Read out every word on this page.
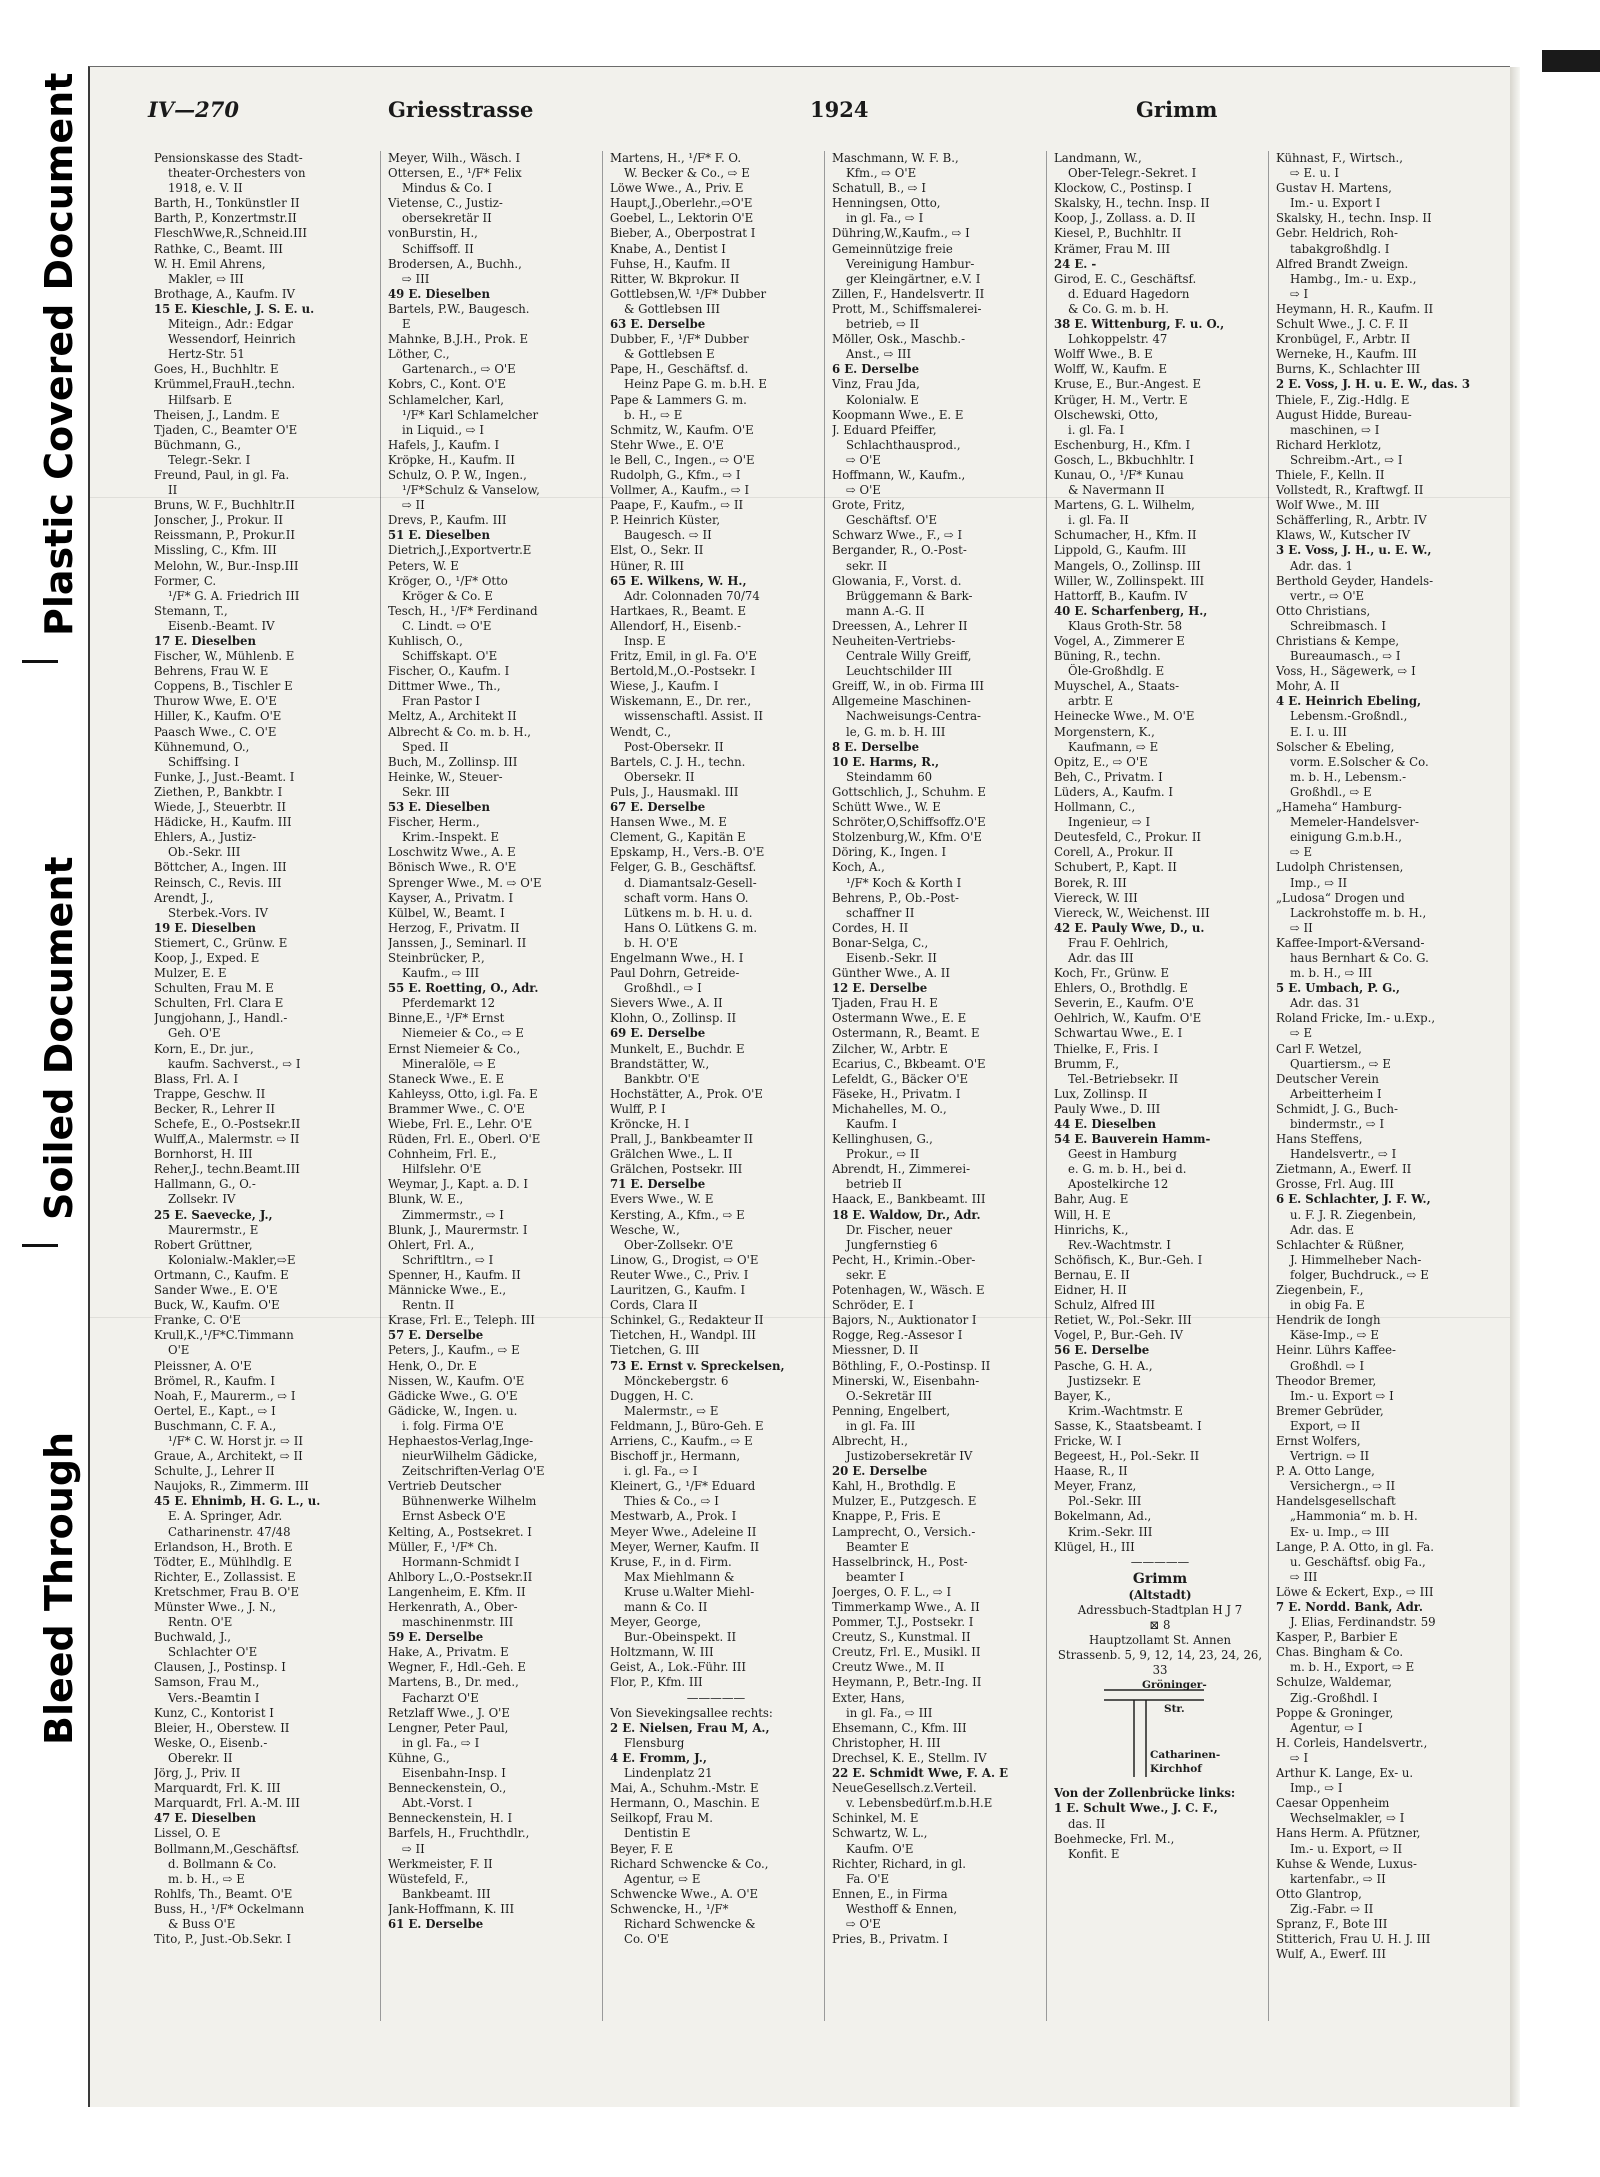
Plastic Covered Document
Soiled Document
Bleed Through
IV—270	Griesstrasse	1924	Grimm
Pensionskasse des Stadt-
theater-Orchesters von
1918, e. V. II
Barth, H., Tonkünstler II
Barth, P., Konzertmstr.II
FleschWwe,R.,Schneid.III
Rathke, C., Beamt. III
W. H. Emil Ahrens,
Makler, ⇨ III
Brothage, A., Kaufm. IV
15 E. Kieschle, J. S. E. u.
Miteign., Adr.: Edgar
Wessendorf, Heinrich
Hertz-Str. 51
Goes, H., Buchhltr. E
Krümmel,FrauH.,techn.
Hilfsarb. E
Theisen, J., Landm. E
Tjaden, C., Beamter O'E
Büchmann, G.,
Telegr.-Sekr. I
Freund, Paul, in gl. Fa.
II
Bruns, W. F., Buchhltr.II
Jonscher, J., Prokur. II
Reissmann, P., Prokur.II
Missling, C., Kfm. III
Melohn, W., Bur.-Insp.III
Former, C.
¹/F* G. A. Friedrich III
Stemann, T.,
Eisenb.-Beamt. IV
17 E. Dieselben
Fischer, W., Mühlenb. E
Behrens, Frau W. E
Coppens, B., Tischler E
Thurow Wwe, E. O'E
Hiller, K., Kaufm. O'E
Paasch Wwe., C. O'E
Kühnemund, O.,
Schiffsing. I
Funke, J., Just.-Beamt. I
Ziethen, P., Bankbtr. I
Wiede, J., Steuerbtr. II
Hädicke, H., Kaufm. III
Ehlers, A., Justiz-
Ob.-Sekr. III
Böttcher, A., Ingen. III
Reinsch, C., Revis. III
Arendt, J.,
Sterbek.-Vors. IV
19 E. Dieselben
Stiemert, C., Grünw. E
Koop, J., Exped. E
Mulzer, E. E
Schulten, Frau M. E
Schulten, Frl. Clara E
Jungjohann, J., Handl.-
Geh. O'E
Korn, E., Dr. jur.,
kaufm. Sachverst., ⇨ I
Blass, Frl. A. I
Trappe, Geschw. II
Becker, R., Lehrer II
Schefe, E., O.-Postsekr.II
Wulff,A., Malermstr. ⇨ II
Bornhorst, H. III
Reher,J., techn.Beamt.III
Hallmann, G., O.-
Zollsekr. IV
25 E. Saevecke, J.,
Maurermstr., E
Robert Grüttner,
Kolonialw.-Makler,⇨E
Ortmann, C., Kaufm. E
Sander Wwe., E. O'E
Buck, W., Kaufm. O'E
Franke, C. O'E
Krull,K.,¹/F*C.Timmann
O'E
Pleissner, A. O'E
Brömel, R., Kaufm. I
Noah, F., Maurerm., ⇨ I
Oertel, E., Kapt., ⇨ I
Buschmann, C. F. A.,
¹/F* C. W. Horst jr. ⇨ II
Graue, A., Architekt, ⇨ II
Schulte, J., Lehrer II
Naujoks, R., Zimmerm. III
45 E. Ehnimb, H. G. L., u.
E. A. Springer, Adr.
Catharinenstr. 47/48
Erlandson, H., Broth. E
Tödter, E., Mühlhdlg. E
Richter, E., Zollassist. E
Kretschmer, Frau B. O'E
Münster Wwe., J. N.,
Rentn. O'E
Buchwald, J.,
Schlachter O'E
Clausen, J., Postinsp. I
Samson, Frau M.,
Vers.-Beamtin I
Kunz, C., Kontorist I
Bleier, H., Oberstew. II
Weske, O., Eisenb.-
Oberekr. II
Jörg, J., Priv. II
Marquardt, Frl. K. III
Marquardt, Frl. A.-M. III
47 E. Dieselben
Lissel, O. E
Bollmann,M.,Geschäftsf.
d. Bollmann & Co.
m. b. H., ⇨ E
Rohlfs, Th., Beamt. O'E
Buss, H., ¹/F* Ockelmann
& Buss O'E
Tito, P., Just.-Ob.Sekr. I
Meyer, Wilh., Wäsch. I
Ottersen, E., ¹/F* Felix
Mindus & Co. I
Vietense, C., Justiz-
obersekretär II
vonBurstin, H.,
Schiffsoff. II
Brodersen, A., Buchh.,
⇨ III
49 E. Dieselben
Bartels, P.W., Baugesch.
E
Mahnke, B.J.H., Prok. E
Löther, C.,
Gartenarch., ⇨ O'E
Kobrs, C., Kont. O'E
Schlamelcher, Karl,
¹/F* Karl Schlamelcher
in Liquid., ⇨ I
Hafels, J., Kaufm. I
Kröpke, H., Kaufm. II
Schulz, O. P. W., Ingen.,
¹/F*Schulz & Vanselow,
⇨ II
Drevs, P., Kaufm. III
51 E. Dieselben
Dietrich,J.,Exportvertr.E
Peters, W. E
Kröger, O., ¹/F* Otto
Kröger & Co. E
Tesch, H., ¹/F* Ferdinand
C. Lindt. ⇨ O'E
Kuhlisch, O.,
Schiffskapt. O'E
Fischer, O., Kaufm. I
Dittmer Wwe., Th.,
Fran Pastor I
Meltz, A., Architekt II
Albrecht & Co. m. b. H.,
Sped. II
Buch, M., Zollinsp. III
Heinke, W., Steuer-
Sekr. III
53 E. Dieselben
Fischer, Herm.,
Krim.-Inspekt. E
Loschwitz Wwe., A. E
Bönisch Wwe., R. O'E
Sprenger Wwe., M. ⇨ O'E
Kayser, A., Privatm. I
Külbel, W., Beamt. I
Herzog, F., Privatm. II
Janssen, J., Seminarl. II
Steinbrücker, P.,
Kaufm., ⇨ III
55 E. Roetting, O., Adr.
Pferdemarkt 12
Binne,E., ¹/F* Ernst
Niemeier & Co., ⇨ E
Ernst Niemeier & Co.,
Mineralöle, ⇨ E
Staneck Wwe., E. E
Kahleyss, Otto, i.gl. Fa. E
Brammer Wwe., C. O'E
Wiebe, Frl. E., Lehr. O'E
Rüden, Frl. E., Oberl. O'E
Cohnheim, Frl. E.,
Hilfslehr. O'E
Weymar, J., Kapt. a. D. I
Blunk, W. E.,
Zimmermstr., ⇨ I
Blunk, J., Maurermstr. I
Ohlert, Frl. A.,
Schriftltrn., ⇨ I
Spenner, H., Kaufm. II
Männicke Wwe., E.,
Rentn. II
Krase, Frl. E., Teleph. III
57 E. Derselbe
Peters, J., Kaufm., ⇨ E
Henk, O., Dr. E
Nissen, W., Kaufm. O'E
Gädicke Wwe., G. O'E
Gädicke, W., Ingen. u.
i. folg. Firma O'E
Hephaestos-Verlag,Inge-
nieurWilhelm Gädicke,
Zeitschriften-Verlag O'E
Vertrieb Deutscher
Bühnenwerke Wilhelm
Ernst Asbeck O'E
Kelting, A., Postsekret. I
Müller, F., ¹/F* Ch.
Hormann-Schmidt I
Ahlbory L.,O.-Postsekr.II
Langenheim, E. Kfm. II
Herkenrath, A., Ober-
maschinenmstr. III
59 E. Derselbe
Hake, A., Privatm. E
Wegner, F., Hdl.-Geh. E
Martens, B., Dr. med.,
Facharzt O'E
Retzlaff Wwe., J. O'E
Lengner, Peter Paul,
in gl. Fa., ⇨ I
Kühne, G.,
Eisenbahn-Insp. I
Benneckenstein, O.,
Abt.-Vorst. I
Benneckenstein, H. I
Barfels, H., Fruchthdlr.,
⇨ II
Werkmeister, F. II
Wüstefeld, F.,
Bankbeamt. III
Jank-Hoffmann, K. III
61 E. Derselbe
Martens, H., ¹/F* F. O.
W. Becker & Co., ⇨ E
Löwe Wwe., A., Priv. E
Haupt,J.,Oberlehr.,⇨O'E
Goebel, L., Lektorin O'E
Bieber, A., Oberpostrat I
Knabe, A., Dentist I
Fuhse, H., Kaufm. II
Ritter, W. Bkprokur. II
Gottlebsen,W. ¹/F* Dubber
& Gottlebsen III
63 E. Derselbe
Dubber, F., ¹/F* Dubber
& Gottlebsen E
Pape, H., Geschäftsf. d.
Heinz Pape G. m. b.H. E
Pape & Lammers G. m.
b. H., ⇨ E
Schmitz, W., Kaufm. O'E
Stehr Wwe., E. O'E
le Bell, C., Ingen., ⇨ O'E
Rudolph, G., Kfm., ⇨ I
Vollmer, A., Kaufm., ⇨ I
Paape, F., Kaufm., ⇨ II
P. Heinrich Küster,
Baugesch. ⇨ II
Elst, O., Sekr. II
Hüner, R. III
65 E. Wilkens, W. H.,
Adr. Colonnaden 70/74
Hartkaes, R., Beamt. E
Allendorf, H., Eisenb.-
Insp. E
Fritz, Emil, in gl. Fa. O'E
Bertold,M.,O.-Postsekr. I
Wiese, J., Kaufm. I
Wiskemann, E., Dr. rer.,
wissenschaftl. Assist. II
Wendt, C.,
Post-Obersekr. II
Bartels, C. J. H., techn.
Obersekr. II
Puls, J., Hausmakl. III
67 E. Derselbe
Hansen Wwe., M. E
Clement, G., Kapitän E
Epskamp, H., Vers.-B. O'E
Felger, G. B., Geschäftsf.
d. Diamantsalz-Gesell-
schaft vorm. Hans O.
Lütkens m. b. H. u. d.
Hans O. Lütkens G. m.
b. H. O'E
Engelmann Wwe., H. I
Paul Dohrn, Getreide-
Großhdl., ⇨ I
Sievers Wwe., A. II
Klohn, O., Zollinsp. II
69 E. Derselbe
Munkelt, E., Buchdr. E
Brandstätter, W.,
Bankbtr. O'E
Hochstätter, A., Prok. O'E
Wulff, P. I
Kröncke, H. I
Prall, J., Bankbeamter II
Grälchen Wwe., L. II
Grälchen, Postsekr. III
71 E. Derselbe
Evers Wwe., W. E
Kersting, A., Kfm., ⇨ E
Wesche, W.,
Ober-Zollsekr. O'E
Linow, G., Drogist, ⇨ O'E
Reuter Wwe., C., Priv. I
Lauritzen, G., Kaufm. I
Cords, Clara II
Schinkel, G., Redakteur II
Tietchen, H., Wandpl. III
Tietchen, G. III
73 E. Ernst v. Spreckelsen,
Mönckebergstr. 6
Duggen, H. C.
Malermstr., ⇨ E
Feldmann, J., Büro-Geh. E
Arriens, C., Kaufm., ⇨ E
Bischoff jr., Hermann,
i. gl. Fa., ⇨ I
Kleinert, G., ¹/F* Eduard
Thies & Co., ⇨ I
Mestwarb, A., Prok. I
Meyer Wwe., Adeleine II
Meyer, Werner, Kaufm. II
Kruse, F., in d. Firm.
Max Miehlmann &
Kruse u.Walter Miehl-
mann & Co. II
Meyer, George,
Bur.-Obeinspekt. II
Holtzmann, W. III
Geist, A., Lok.-Führ. III
Flor, P., Kfm. III
—————
Von Sievekingsallee rechts:
2 E. Nielsen, Frau M, A.,
Flensburg
4 E. Fromm, J.,
Lindenplatz 21
Mai, A., Schuhm.-Mstr. E
Hermann, O., Maschin. E
Seilkopf, Frau M.
Dentistin E
Beyer, F. E
Richard Schwencke & Co.,
Agentur, ⇨ E
Schwencke Wwe., A. O'E
Schwencke, H., ¹/F*
Richard Schwencke &
Co. O'E
Maschmann, W. F. B.,
Kfm., ⇨ O'E
Schatull, B., ⇨ I
Henningsen, Otto,
in gl. Fa., ⇨ I
Dühring,W.,Kaufm., ⇨ I
Gemeinnützige freie
Vereinigung Hambur-
ger Kleingärtner, e.V. I
Zillen, F., Handelsvertr. II
Prott, M., Schiffsmalerei-
betrieb, ⇨ II
Möller, Osk., Maschb.-
Anst., ⇨ III
6 E. Derselbe
Vinz, Frau Jda,
Kolonialw. E
Koopmann Wwe., E. E
J. Eduard Pfeiffer,
Schlachthausprod.,
⇨ O'E
Hoffmann, W., Kaufm.,
⇨ O'E
Grote, Fritz,
Geschäftsf. O'E
Schwarz Wwe., F., ⇨ I
Bergander, R., O.-Post-
sekr. II
Glowania, F., Vorst. d.
Brüggemann & Bark-
mann A.-G. II
Dreessen, A., Lehrer II
Neuheiten-Vertriebs-
Centrale Willy Greiff,
Leuchtschilder III
Greiff, W., in ob. Firma III
Allgemeine Maschinen-
Nachweisungs-Centra-
le, G. m. b. H. III
8 E. Derselbe
10 E. Harms, R.,
Steindamm 60
Gottschlich, J., Schuhm. E
Schütt Wwe., W. E
Schröter,O,Schiffsoffz.O'E
Stolzenburg,W., Kfm. O'E
Döring, K., Ingen. I
Koch, A.,
¹/F* Koch & Korth I
Behrens, P., Ob.-Post-
schaffner II
Cordes, H. II
Bonar-Selga, C.,
Eisenb.-Sekr. II
Günther Wwe., A. II
12 E. Derselbe
Tjaden, Frau H. E
Ostermann Wwe., E. E
Ostermann, R., Beamt. E
Zilcher, W., Arbtr. E
Ecarius, C., Bkbeamt. O'E
Lefeldt, G., Bäcker O'E
Fäseke, H., Privatm. I
Michahelles, M. O.,
Kaufm. I
Kellinghusen, G.,
Prokur., ⇨ II
Abrendt, H., Zimmerei-
betrieb II
Haack, E., Bankbeamt. III
18 E. Waldow, Dr., Adr.
Dr. Fischer, neuer
Jungfernstieg 6
Pecht, H., Krimin.-Ober-
sekr. E
Potenhagen, W., Wäsch. E
Schröder, E. I
Bajors, N., Auktionator I
Rogge, Reg.-Assesor I
Miessner, D. II
Böthling, F., O.-Postinsp. II
Minerski, W., Eisenbahn-
O.-Sekretär III
Penning, Engelbert,
in gl. Fa. III
Albrecht, H.,
Justizobersekretär IV
20 E. Derselbe
Kahl, H., Brothdlg. E
Mulzer, E., Putzgesch. E
Knappe, P., Fris. E
Lamprecht, O., Versich.-
Beamter E
Hasselbrinck, H., Post-
beamter I
Joerges, O. F. L., ⇨ I
Timmerkamp Wwe., A. II
Pommer, T.J., Postsekr. I
Creutz, S., Kunstmal. II
Creutz, Frl. E., Musikl. II
Creutz Wwe., M. II
Heymann, P., Betr.-Ing. II
Exter, Hans,
in gl. Fa., ⇨ III
Ehsemann, C., Kfm. III
Christopher, H. III
Drechsel, K. E., Stellm. IV
22 E. Schmidt Wwe, F. A. E
NeueGesellsch.z.Verteil.
v. Lebensbedürf.m.b.H.E
Schinkel, M. E
Schwartz, W. L.,
Kaufm. O'E
Richter, Richard, in gl.
Fa. O'E
Ennen, E., in Firma
Westhoff & Ennen,
⇨ O'E
Pries, B., Privatm. I
Landmann, W.,
Ober-Telegr.-Sekret. I
Klockow, C., Postinsp. I
Skalsky, H., techn. Insp. II
Koop, J., Zollass. a. D. II
Kiesel, P., Buchhltr. II
Krämer, Frau M. III
24 E. -
Girod, E. C., Geschäftsf.
d. Eduard Hagedorn
& Co. G. m. b. H.
38 E. Wittenburg, F. u. O.,
Lohkoppelstr. 47
Wolff Wwe., B. E
Wolff, W., Kaufm. E
Kruse, E., Bur.-Angest. E
Krüger, H. M., Vertr. E
Olschewski, Otto,
i. gl. Fa. I
Eschenburg, H., Kfm. I
Gosch, L., Bkbuchhltr. I
Kunau, O., ¹/F* Kunau
& Navermann II
Martens, G. L. Wilhelm,
i. gl. Fa. II
Schumacher, H., Kfm. II
Lippold, G., Kaufm. III
Mangels, O., Zollinsp. III
Willer, W., Zollinspekt. III
Hattorff, B., Kaufm. IV
40 E. Scharfenberg, H.,
Klaus Groth-Str. 58
Vogel, A., Zimmerer E
Büning, R., techn.
Öle-Großhdlg. E
Muyschel, A., Staats-
arbtr. E
Heinecke Wwe., M. O'E
Morgenstern, K.,
Kaufmann, ⇨ E
Opitz, E., ⇨ O'E
Beh, C., Privatm. I
Lüders, A., Kaufm. I
Hollmann, C.,
Ingenieur, ⇨ I
Deutesfeld, C., Prokur. II
Corell, A., Prokur. II
Schubert, P., Kapt. II
Borek, R. III
Viereck, W. III
Viereck, W., Weichenst. III
42 E. Pauly Wwe, D., u.
Frau F. Oehlrich,
Adr. das III
Koch, Fr., Grünw. E
Ehlers, O., Brothdlg. E
Severin, E., Kaufm. O'E
Oehlrich, W., Kaufm. O'E
Schwartau Wwe., E. I
Thielke, F., Fris. I
Brumm, F.,
Tel.-Betriebsekr. II
Lux, Zollinsp. II
Pauly Wwe., D. III
44 E. Dieselben
54 E. Bauverein Hamm-
Geest in Hamburg
e. G. m. b. H., bei d.
Apostelkirche 12
Bahr, Aug. E
Will, H. E
Hinrichs, K.,
Rev.-Wachtmstr. I
Schöfisch, K., Bur.-Geh. I
Bernau, E. II
Eidner, H. II
Schulz, Alfred III
Retiet, W., Pol.-Sekr. III
Vogel, P., Bur.-Geh. IV
56 E. Derselbe
Pasche, G. H. A.,
Justizsekr. E
Bayer, K.,
Krim.-Wachtmstr. E
Sasse, K., Staatsbeamt. I
Fricke, W. I
Begeest, H., Pol.-Sekr. II
Haase, R., II
Meyer, Franz,
Pol.-Sekr. III
Bokelmann, Ad.,
Krim.-Sekr. III
Klügel, H., III
—————
Grimm
(Altstadt)
Adressbuch-Stadtplan H J 7
⊠ 8
Hauptzollamt St. Annen
Strassenb. 5, 9, 12, 14, 23, 24, 26, 33
Gröninger-
Str.
Catharinen-
Kirchhof
Von der Zollenbrücke links:
1 E. Schult Wwe., J. C. F.,
das. II
Boehmecke, Frl. M.,
Konfit. E
Kühnast, F., Wirtsch.,
⇨ E. u. I
Gustav H. Martens,
Im.- u. Export I
Skalsky, H., techn. Insp. II
Gebr. Heldrich, Roh-
tabakgroßhdlg. I
Alfred Brandt Zweign.
Hambg., Im.- u. Exp.,
⇨ I
Heymann, H. R., Kaufm. II
Schult Wwe., J. C. F. II
Kronbügel, F., Arbtr. II
Werneke, H., Kaufm. III
Burns, K., Schlachter III
2 E. Voss, J. H. u. E. W., das. 3
Thiele, F., Zig.-Hdlg. E
August Hidde, Bureau-
maschinen, ⇨ I
Richard Herklotz,
Schreibm.-Art., ⇨ I
Thiele, F., Kelln. II
Vollstedt, R., Kraftwgf. II
Wolf Wwe., M. III
Schäfferling, R., Arbtr. IV
Klaws, W., Kutscher IV
3 E. Voss, J. H., u. E. W.,
Adr. das. 1
Berthold Geyder, Handels-
vertr., ⇨ O'E
Otto Christians,
Schreibmasch. I
Christians & Kempe,
Bureaumasch., ⇨ I
Voss, H., Sägewerk, ⇨ I
Mohr, A. II
4 E. Heinrich Ebeling,
Lebensm.-Großndl.,
E. I. u. III
Solscher & Ebeling,
vorm. E.Solscher & Co.
m. b. H., Lebensm.-
Großhdl., ⇨ E
„Hameha“ Hamburg-
Memeler-Handelsver-
einigung G.m.b.H.,
⇨ E
Ludolph Christensen,
Imp., ⇨ II
„Ludosa“ Drogen und
Lackrohstoffe m. b. H.,
⇨ II
Kaffee-Import-&Versand-
haus Bernhart & Co. G.
m. b. H., ⇨ III
5 E. Umbach, P. G.,
Adr. das. 31
Roland Fricke, Im.- u.Exp.,
⇨ E
Carl F. Wetzel,
Quartiersm., ⇨ E
Deutscher Verein
Arbeitterheim I
Schmidt, J. G., Buch-
bindermstr., ⇨ I
Hans Steffens,
Handelsvertr., ⇨ I
Zietmann, A., Ewerf. II
Grosse, Frl. Aug. III
6 E. Schlachter, J. F. W.,
u. F. J. R. Ziegenbein,
Adr. das. E
Schlachter & Rüßner,
J. Himmelheber Nach-
folger, Buchdruck., ⇨ E
Ziegenbein, F.,
in obig Fa. E
Hendrik de Iongh
Käse-Imp., ⇨ E
Heinr. Lührs Kaffee-
Großhdl. ⇨ I
Theodor Bremer,
Im.- u. Export ⇨ I
Bremer Gebrüder,
Export, ⇨ II
Ernst Wolfers,
Vertrign. ⇨ II
P. A. Otto Lange,
Versichergn., ⇨ II
Handelsgesellschaft
„Hammonia“ m. b. H.
Ex- u. Imp., ⇨ III
Lange, P. A. Otto, in gl. Fa.
u. Geschäftsf. obig Fa.,
⇨ III
Löwe & Eckert, Exp., ⇨ III
7 E. Nordd. Bank, Adr.
J. Elias, Ferdinandstr. 59
Kasper, P., Barbier E
Chas. Bingham & Co.
m. b. H., Export, ⇨ E
Schulze, Waldemar,
Zig.-Großhdl. I
Poppe & Groninger,
Agentur, ⇨ I
H. Corleis, Handelsvertr.,
⇨ I
Arthur K. Lange, Ex- u.
Imp., ⇨ I
Caesar Oppenheim
Wechselmakler, ⇨ I
Hans Herm. A. Pfützner,
Im.- u. Export, ⇨ II
Kuhse & Wende, Luxus-
kartenfabr., ⇨ II
Otto Glantrop,
Zig.-Fabr. ⇨ II
Spranz, F., Bote III
Stitterich, Frau U. H. J. III
Wulf, A., Ewerf. III
